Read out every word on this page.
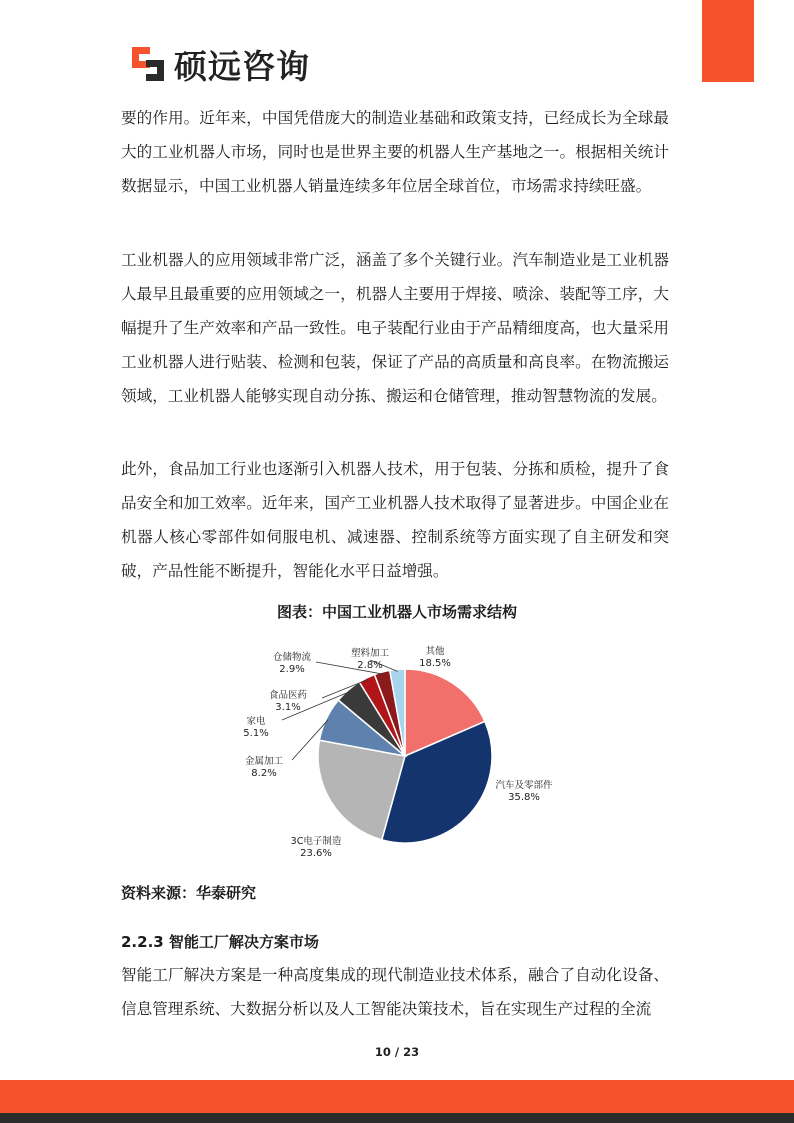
硕远咨询

要的作用。近年来，中国凭借庞大的制造业基础和政策支持，已经成长为全球最大的工业机器人市场，同时也是世界主要的机器人生产基地之一。根据相关统计数据显示，中国工业机器人销量连续多年位居全球首位，市场需求持续旺盛。

工业机器人的应用领域非常广泛，涵盖了多个关键行业。汽车制造业是工业机器人最早且最重要的应用领域之一，机器人主要用于焊接、喷涂、装配等工序，大幅提升了生产效率和产品一致性。电子装配行业由于产品精细度高，也大量采用工业机器人进行贴装、检测和包装，保证了产品的高质量和高良率。在物流搬运领域，工业机器人能够实现自动分拣、搬运和仓储管理，推动智慧物流的发展。

此外，食品加工行业也逐渐引入机器人技术，用于包装、分拣和质检，提升了食品安全和加工效率。近年来，国产工业机器人技术取得了显著进步。中国企业在机器人核心零部件如伺服电机、减速器、控制系统等方面实现了自主研发和突破，产品性能不断提升，智能化水平日益增强。

图表：中国工业机器人市场需求结构
其他
18.5%
汽车及零部件
35.8%
3C电子制造
23.6%
金属加工
8.2%
家电
5.1%
食品医药
3.1%
仓储物流
2.9%
塑料加工
2.8%
资料来源：华泰研究
2.2.3 智能工厂解决方案市场

智能工厂解决方案是一种高度集成的现代制造业技术体系，融合了自动化设备、信息管理系统、大数据分析以及人工智能决策技术，旨在实现生产过程的全流

10 / 23
